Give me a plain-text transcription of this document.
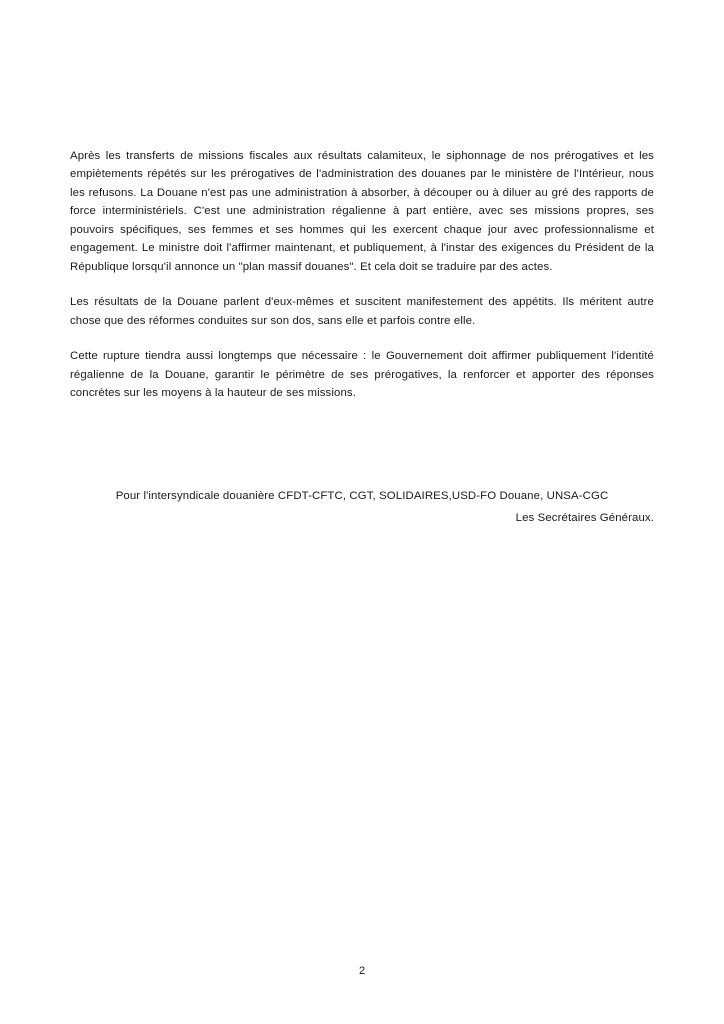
Après les transferts de missions fiscales aux résultats calamiteux, le siphonnage de nos prérogatives et les empiètements répétés sur les prérogatives de l'administration des douanes par le ministère de l'Intérieur, nous les refusons. La Douane n'est pas une administration à absorber, à découper ou à diluer au gré des rapports de force interministériels. C'est une administration régalienne à part entière, avec ses missions propres, ses pouvoirs spécifiques, ses femmes et ses hommes qui les exercent chaque jour avec professionnalisme et engagement. Le ministre doit l'affirmer maintenant, et publiquement, à l'instar des exigences du Président de la République lorsqu'il annonce un "plan massif douanes". Et cela doit se traduire par des actes.

Les résultats de la Douane parlent d'eux-mêmes et suscitent manifestement des appétits. Ils méritent autre chose que des réformes conduites sur son dos, sans elle et parfois contre elle.

Cette rupture tiendra aussi longtemps que nécessaire : le Gouvernement doit affirmer publiquement l'identité régalienne de la Douane, garantir le périmètre de ses prérogatives, la renforcer et apporter des réponses concrètes sur les moyens à la hauteur de ses missions.

Pour l'intersyndicale douanière CFDT-CFTC, CGT, SOLIDAIRES,USD-FO Douane, UNSA-CGC

Les Secrétaires Généraux.

2
